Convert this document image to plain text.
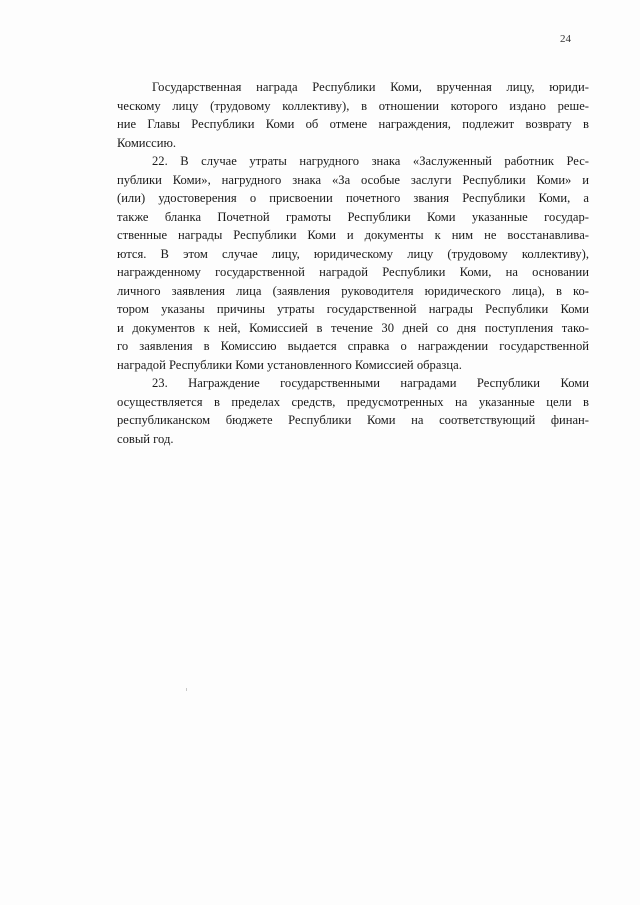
24
Государственная награда Республики Коми, врученная лицу, юриди-
ческому лицу (трудовому коллективу), в отношении которого издано реше-
ние Главы Республики Коми об отмене награждения, подлежит возврату в
Комиссию.
22. В случае утраты нагрудного знака «Заслуженный работник Рес-
публики Коми», нагрудного знака «За особые заслуги Республики Коми» и
(или) удостоверения о присвоении почетного звания Республики Коми, а
также бланка Почетной грамоты Республики Коми указанные государ-
ственные награды Республики Коми и документы к ним не восстанавлива-
ются. В этом случае лицу, юридическому лицу (трудовому коллективу),
награжденному государственной наградой Республики Коми, на основании
личного заявления лица (заявления руководителя юридического лица), в ко-
тором указаны причины утраты государственной награды Республики Коми
и документов к ней, Комиссией в течение 30 дней со дня поступления тако-
го заявления в Комиссию выдается справка о награждении государственной
наградой Республики Коми установленного Комиссией образца.
23. Награждение государственными наградами Республики Коми
осуществляется в пределах средств, предусмотренных на указанные цели в
республиканском бюджете Республики Коми на соответствующий финан-
совый год.
